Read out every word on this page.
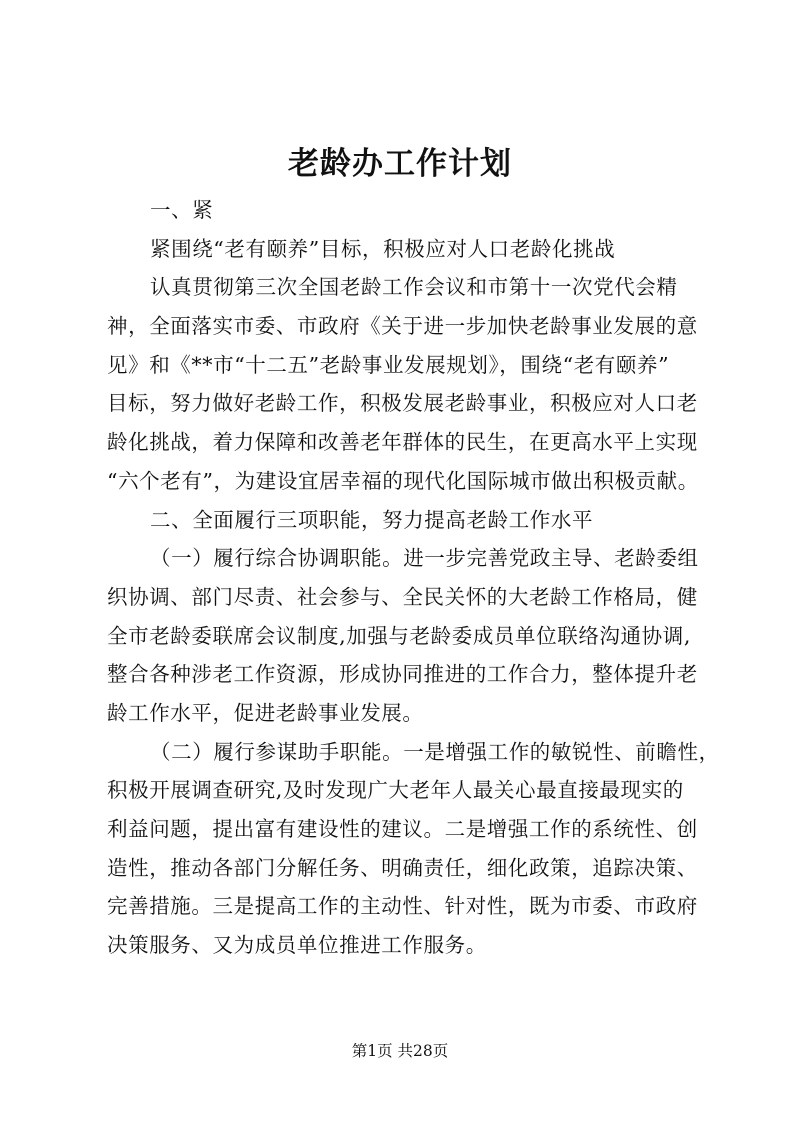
老龄办工作计划
一、紧
紧围绕“老有颐养”目标，积极应对人口老龄化挑战
认真贯彻第三次全国老龄工作会议和市第十一次党代会精
神，全面落实市委、市政府《关于进一步加快老龄事业发展的意
见》和《**市“十二五”老龄事业发展规划》，围绕“老有颐养”
目标，努力做好老龄工作，积极发展老龄事业，积极应对人口老
龄化挑战，着力保障和改善老年群体的民生，在更高水平上实现
“六个老有”，为建设宜居幸福的现代化国际城市做出积极贡献。
二、全面履行三项职能，努力提高老龄工作水平
（一）履行综合协调职能。进一步完善党政主导、老龄委组
织协调、部门尽责、社会参与、全民关怀的大老龄工作格局，健
全市老龄委联席会议制度,加强与老龄委成员单位联络沟通协调,
整合各种涉老工作资源，形成协同推进的工作合力，整体提升老
龄工作水平，促进老龄事业发展。
（二）履行参谋助手职能。一是增强工作的敏锐性、前瞻性，
积极开展调查研究,及时发现广大老年人最关心最直接最现实的
利益问题，提出富有建设性的建议。二是增强工作的系统性、创
造性，推动各部门分解任务、明确责任，细化政策，追踪决策、
完善措施。三是提高工作的主动性、针对性，既为市委、市政府
决策服务、又为成员单位推进工作服务。
第1页 共28页
